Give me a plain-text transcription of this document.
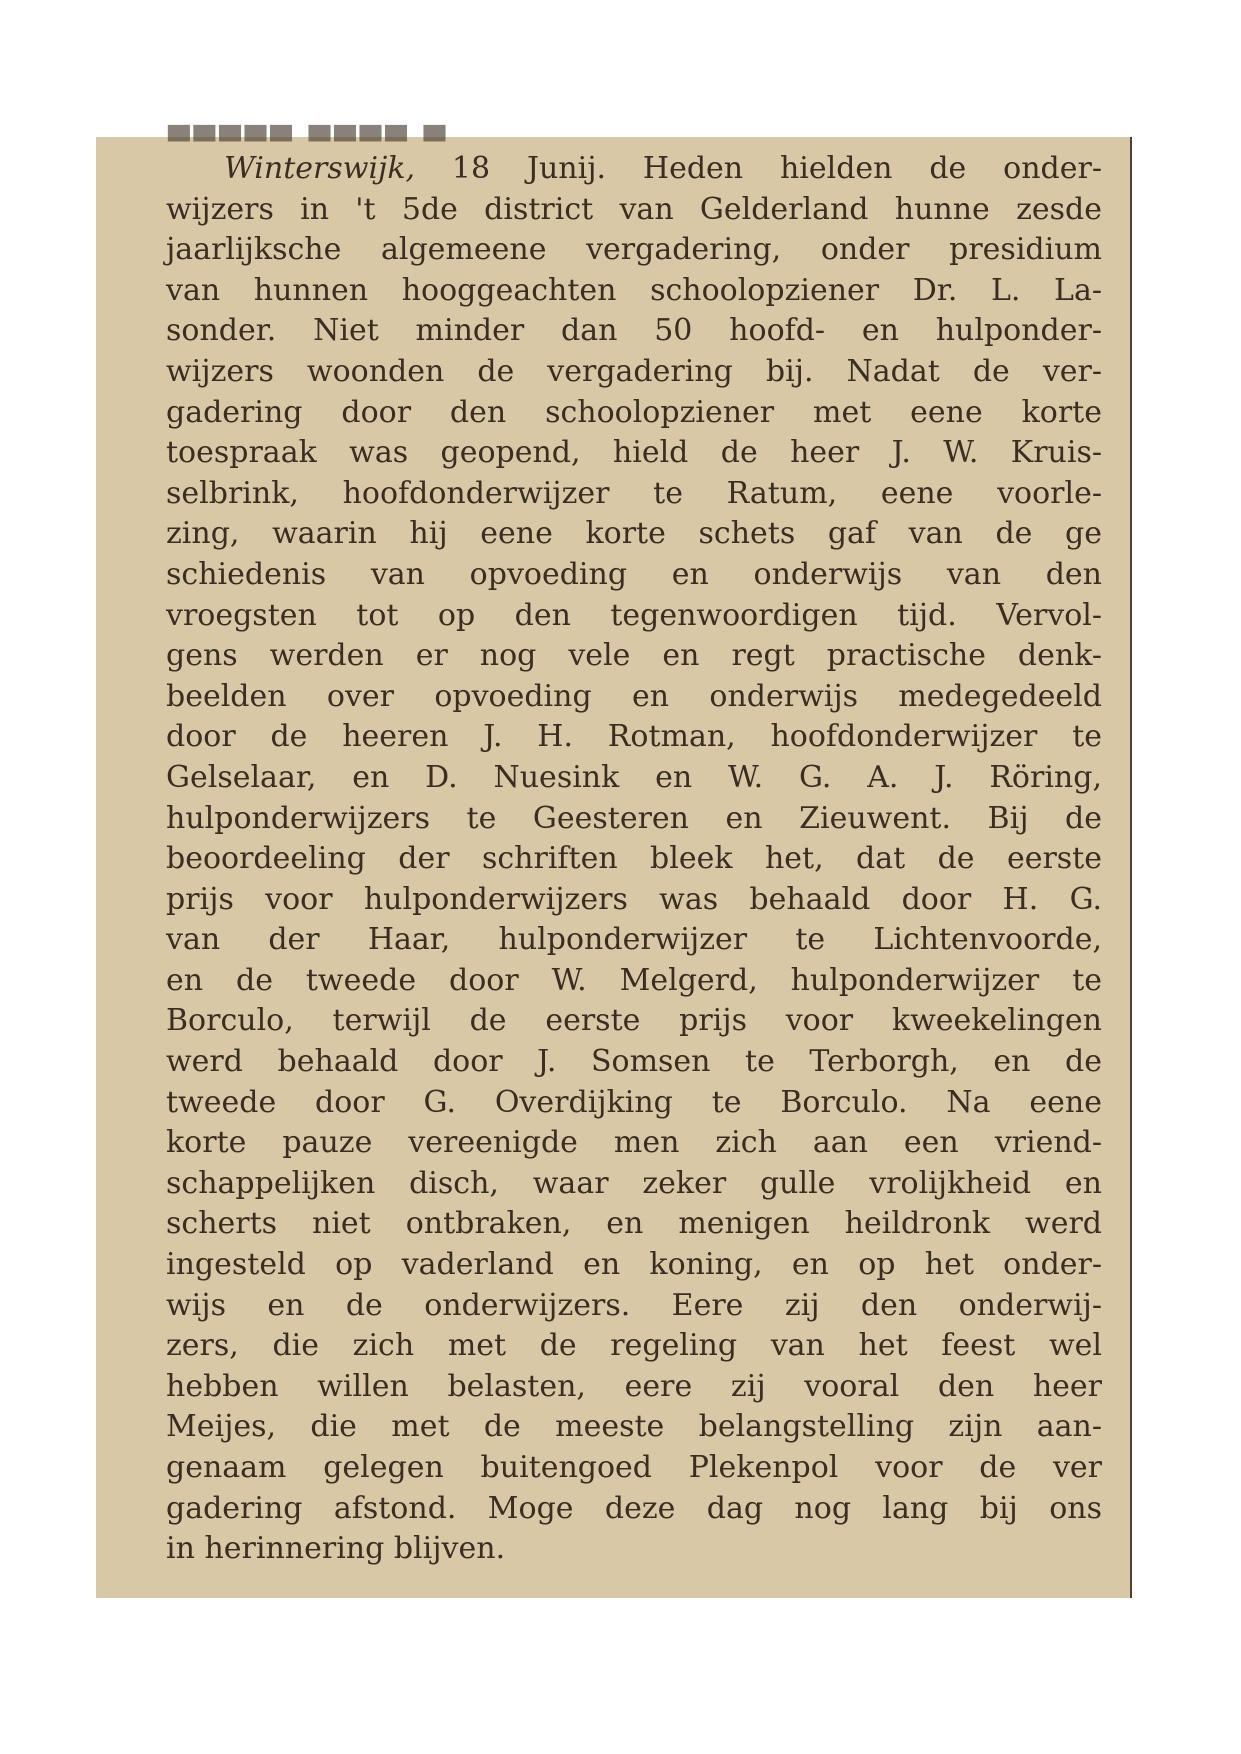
▀▀▀▀▀ ▀▀▀▀ ▀
Winterswijk, 18 Junij. Heden hielden de onder-
wijzers in 't 5de district van Gelderland hunne zesde
jaarlijksche algemeene vergadering, onder presidium
van hunnen hooggeachten schoolopziener Dr. L. La-
sonder. Niet minder dan 50 hoofd- en hulponder-
wijzers woonden de vergadering bij. Nadat de ver-
gadering door den schoolopziener met eene korte
toespraak was geopend, hield de heer J. W. Kruis-
selbrink, hoofdonderwijzer te Ratum, eene voorle-
zing, waarin hij eene korte schets gaf van de ge
schiedenis van opvoeding en onderwijs van den
vroegsten tot op den tegenwoordigen tijd. Vervol-
gens werden er nog vele en regt practische denk-
beelden over opvoeding en onderwijs medegedeeld
door de heeren J. H. Rotman, hoofdonderwijzer te
Gelselaar, en D. Nuesink en W. G. A. J. Röring,
hulponderwijzers te Geesteren en Zieuwent. Bij de
beoordeeling der schriften bleek het, dat de eerste
prijs voor hulponderwijzers was behaald door H. G.
van der Haar, hulponderwijzer te Lichtenvoorde,
en de tweede door W. Melgerd, hulponderwijzer te
Borculo, terwijl de eerste prijs voor kweekelingen
werd behaald door J. Somsen te Terborgh, en de
tweede door G. Overdijking te Borculo. Na eene
korte pauze vereenigde men zich aan een vriend-
schappelijken disch, waar zeker gulle vrolijkheid en
scherts niet ontbraken, en menigen heildronk werd
ingesteld op vaderland en koning, en op het onder-
wijs en de onderwijzers. Eere zij den onderwij-
zers, die zich met de regeling van het feest wel
hebben willen belasten, eere zij vooral den heer
Meijes, die met de meeste belangstelling zijn aan-
genaam gelegen buitengoed Plekenpol voor de ver
gadering afstond. Moge deze dag nog lang bij ons
in herinnering blijven.
